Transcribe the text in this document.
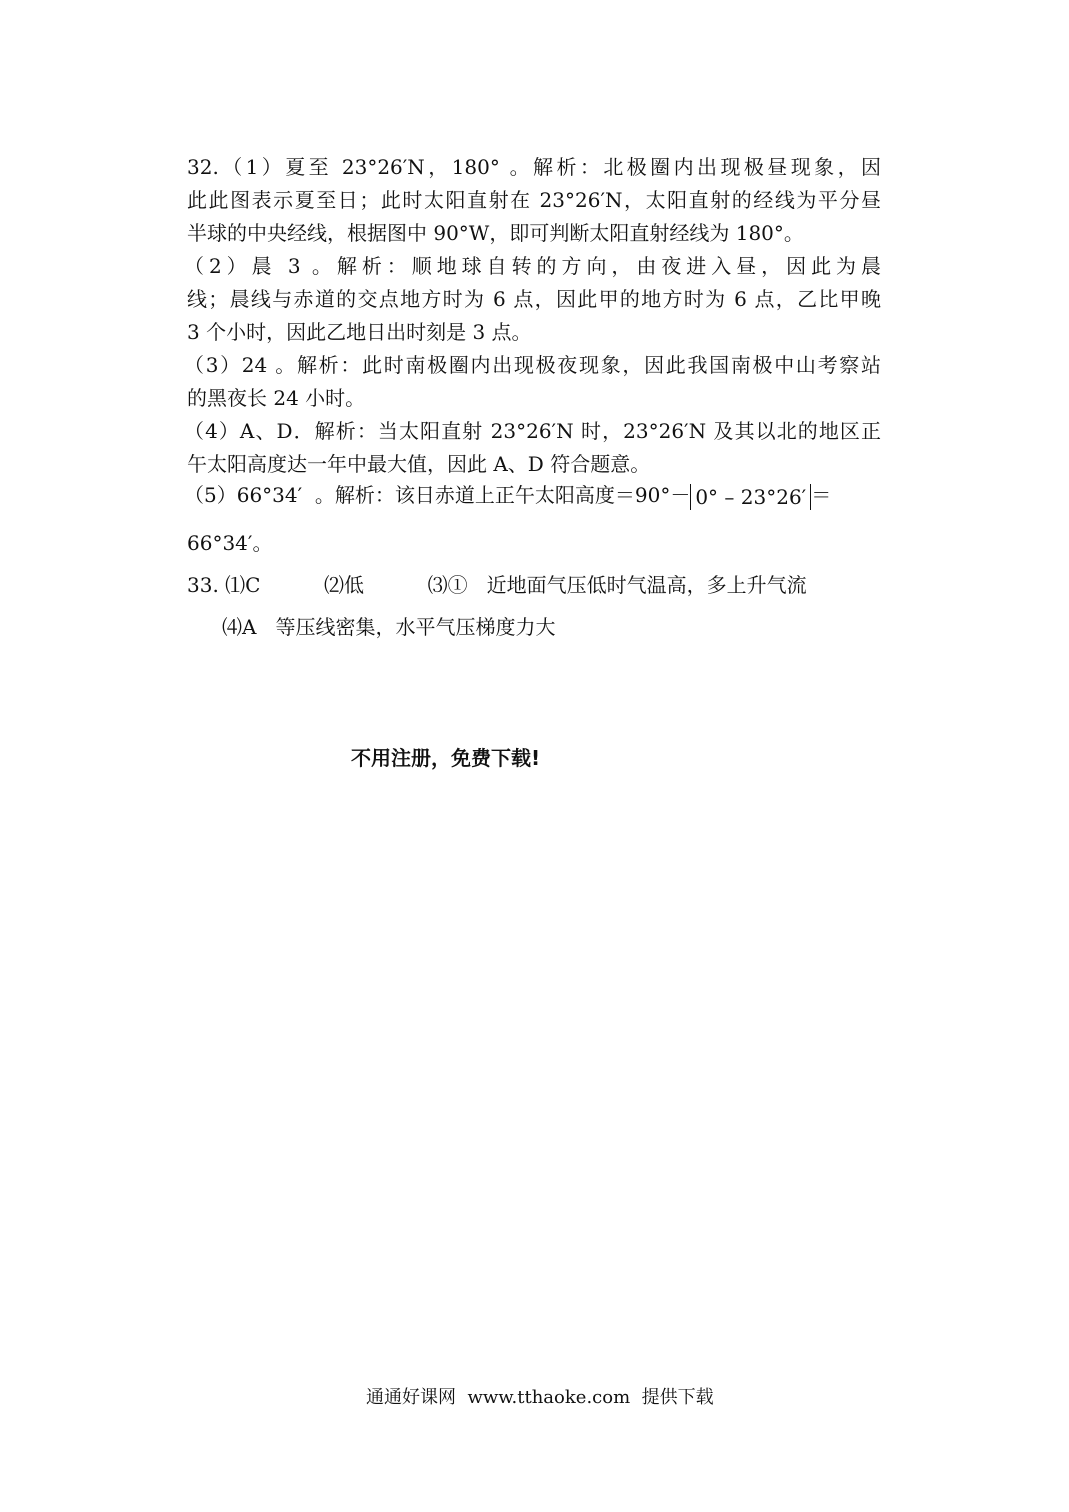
32.（1）夏至 23°26′N，180° 。解析：北极圈内出现极昼现象，因
此此图表示夏至日；此时太阳直射在 23°26′N，太阳直射的经线为平分昼
半球的中央经线，根据图中 90°W，即可判断太阳直射经线为 180°。
（2）晨 3 。解析：顺地球自转的方向，由夜进入昼，因此为晨
线；晨线与赤道的交点地方时为 6 点，因此甲的地方时为 6 点，乙比甲晚
3 个小时，因此乙地日出时刻是 3 点。
（3）24 。解析：此时南极圈内出现极夜现象，因此我国南极中山考察站
的黑夜长 24 小时。
（4）A、D．解析：当太阳直射 23°26′N 时，23°26′N 及其以北的地区正
午太阳高度达一年中最大值，因此 A、D 符合题意。
（5）66°34′  。解析：该日赤道上正午太阳高度＝90°－ 0° – 23°26′ ＝
66°34′。
33. ⑴C          ⑵低          ⑶①   近地面气压低时气温高，多上升气流
⑷A   等压线密集，水平气压梯度力大
不用注册，免费下载!
通通好课网  www.tthaoke.com  提供下载
